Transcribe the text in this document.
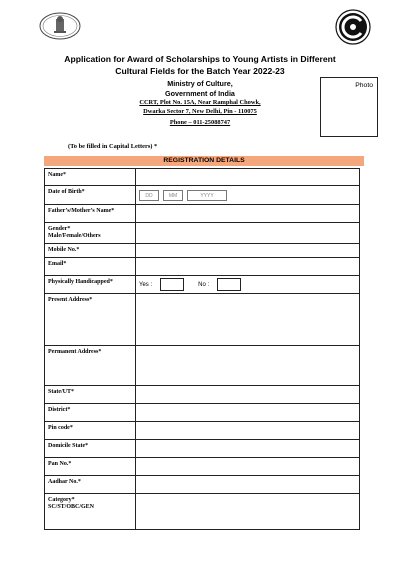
Application for Award of Scholarships to Young Artists in Different
Cultural Fields for the Batch Year 2022-23
Ministry of Culture,
Government of India
CCRT, Plot No. 15A, Near Ramphal Chowk,
Dwarka Sector 7, New Delhi, Pin - 110075
Phone – 011-25088747
Photo
(To be filled in Capital Letters) *
REGISTRATION DETAILS
Name*	
Date of Birth*	DD MM YYYY

Father’s/Mother’s Name*	
Gender*
Male/Female/Others	
Mobile No.*	
Email*	
Physically Handicapped*	Yes : No :

Present Address*	
Permanent Address*	
State/UT*	
District*	
Pin code*	
Domicile State*	
Pan No.*	
Aadhar No.*	
Category*
SC/ST/OBC/GEN	
